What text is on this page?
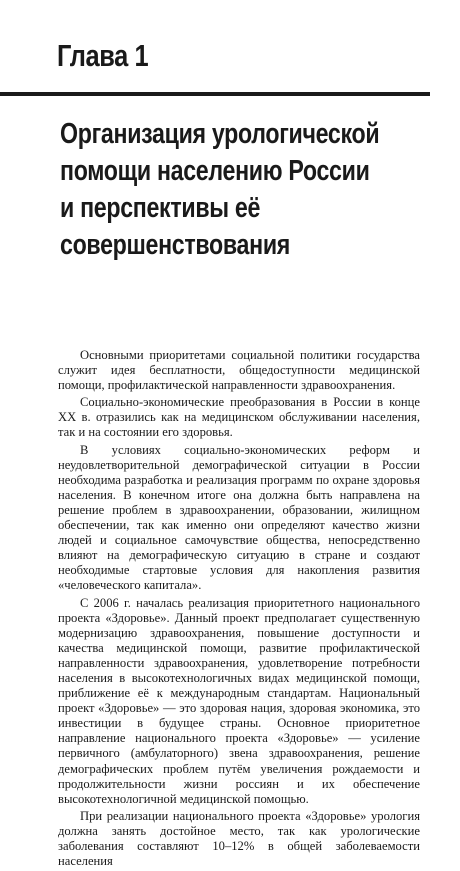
Глава 1
Организация урологической
помощи населению России
и перспективы её
совершенствования

Основными приоритетами социальной политики государства служит идея бесплатности, общедоступности медицинской помощи, профилактической направленности здравоохранения.

Социально-экономические преобразования в России в конце XX в. отразились как на медицинском обслуживании населения, так и на состоянии его здоровья.

В условиях социально-экономических реформ и неудовлетворительной демографической ситуации в России необходима разработка и реализация программ по охране здоровья населения. В конечном итоге она должна быть направлена на решение проблем в здравоохранении, образовании, жилищном обеспечении, так как именно они определяют качество жизни людей и социальное самочувствие общества, непосредственно влияют на демографическую ситуацию в стране и создают необходимые стартовые условия для накопления развития «человеческого капитала».

С 2006 г. началась реализация приоритетного национального проекта «Здоровье». Данный проект предполагает существенную модернизацию здравоохранения, повышение доступности и качества медицинской помощи, развитие профилактической направленности здравоохранения, удовлетворение потребности населения в высокотехнологичных видах медицинской помощи, приближение её к международным стандартам. Национальный проект «Здоровье» — это здоровая нация, здоровая экономика, это инвестиции в будущее страны. Основное приоритетное направление национального проекта «Здоровье» — усиление первичного (амбулаторного) звена здравоохранения, решение демографических проблем путём увеличения рождаемости и продолжительности жизни россиян и их обеспечение высокотехнологичной медицинской помощью.

При реализации национального проекта «Здоровье» урология должна занять достойное место, так как урологические заболевания составляют 10–12% в общей заболеваемости населения
